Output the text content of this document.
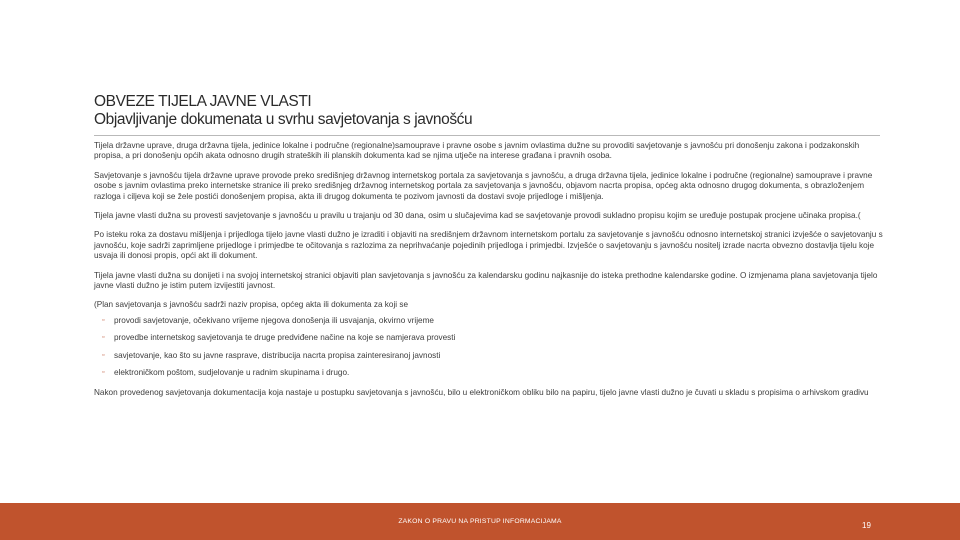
OBVEZE TIJELA JAVNE VLASTI
Objavljivanje dokumenata u svrhu savjetovanja s javnošću

Tijela državne uprave, druga državna tijela, jedinice lokalne i područne (regionalne)samouprave i pravne osobe s javnim ovlastima dužne su provoditi savjetovanje s javnošću pri donošenju zakona i podzakonskih propisa, a pri donošenju općih akata odnosno drugih strateških ili planskih dokumenta kad se njima utječe na interese građana i pravnih osoba.

Savjetovanje s javnošću tijela državne uprave provode preko središnjeg državnog internetskog portala za savjetovanja s javnošću, a druga državna tijela, jedinice lokalne i područne (regionalne) samouprave i pravne osobe s javnim ovlastima preko internetske stranice ili preko središnjeg državnog internetskog portala za savjetovanja s javnošću, objavom nacrta propisa, općeg akta odnosno drugog dokumenta, s obrazloženjem razloga i ciljeva koji se žele postići donošenjem propisa, akta ili drugog dokumenta te pozivom javnosti da dostavi svoje prijedloge i mišljenja.

Tijela javne vlasti dužna su provesti savjetovanje s javnošću u pravilu u trajanju od 30 dana, osim u slučajevima kad se savjetovanje provodi sukladno propisu kojim se uređuje postupak procjene učinaka propisa.(

Po isteku roka za dostavu mišljenja i prijedloga tijelo javne vlasti dužno je izraditi i objaviti na središnjem državnom internetskom portalu za savjetovanje s javnošću odnosno internetskoj stranici izvješće o savjetovanju s javnošću, koje sadrži zaprimljene prijedloge i primjedbe te očitovanja s razlozima za neprihvaćanje pojedinih prijedloga i primjedbi. Izvješće o savjetovanju s javnošću nositelj izrade nacrta obvezno dostavlja tijelu koje usvaja ili donosi propis, opći akt ili dokument.

Tijela javne vlasti dužna su donijeti i na svojoj internetskoj stranici objaviti plan savjetovanja s javnošću za kalendarsku godinu najkasnije do isteka prethodne kalendarske godine. O izmjenama plana savjetovanja tijelo javne vlasti dužno je istim putem izvijestiti javnost.

(Plan savjetovanja s javnošću sadrži naziv propisa, općeg akta ili dokumenta za koji se

▫ provodi savjetovanje, očekivano vrijeme njegova donošenja ili usvajanja, okvirno vrijeme
▫ provedbe internetskog savjetovanja te druge predviđene načine na koje se namjerava provesti
▫ savjetovanje, kao što su javne rasprave, distribucija nacrta propisa zainteresiranoj javnosti
▫ elektroničkom poštom, sudjelovanje u radnim skupinama i drugo.

Nakon provedenog savjetovanja dokumentacija koja nastaje u postupku savjetovanja s javnošću, bilo u elektroničkom obliku bilo na papiru, tijelo javne vlasti dužno je čuvati u skladu s propisima o arhivskom gradivu

ZAKON O PRAVU NA PRISTUP INFORMACIJAMA	19
